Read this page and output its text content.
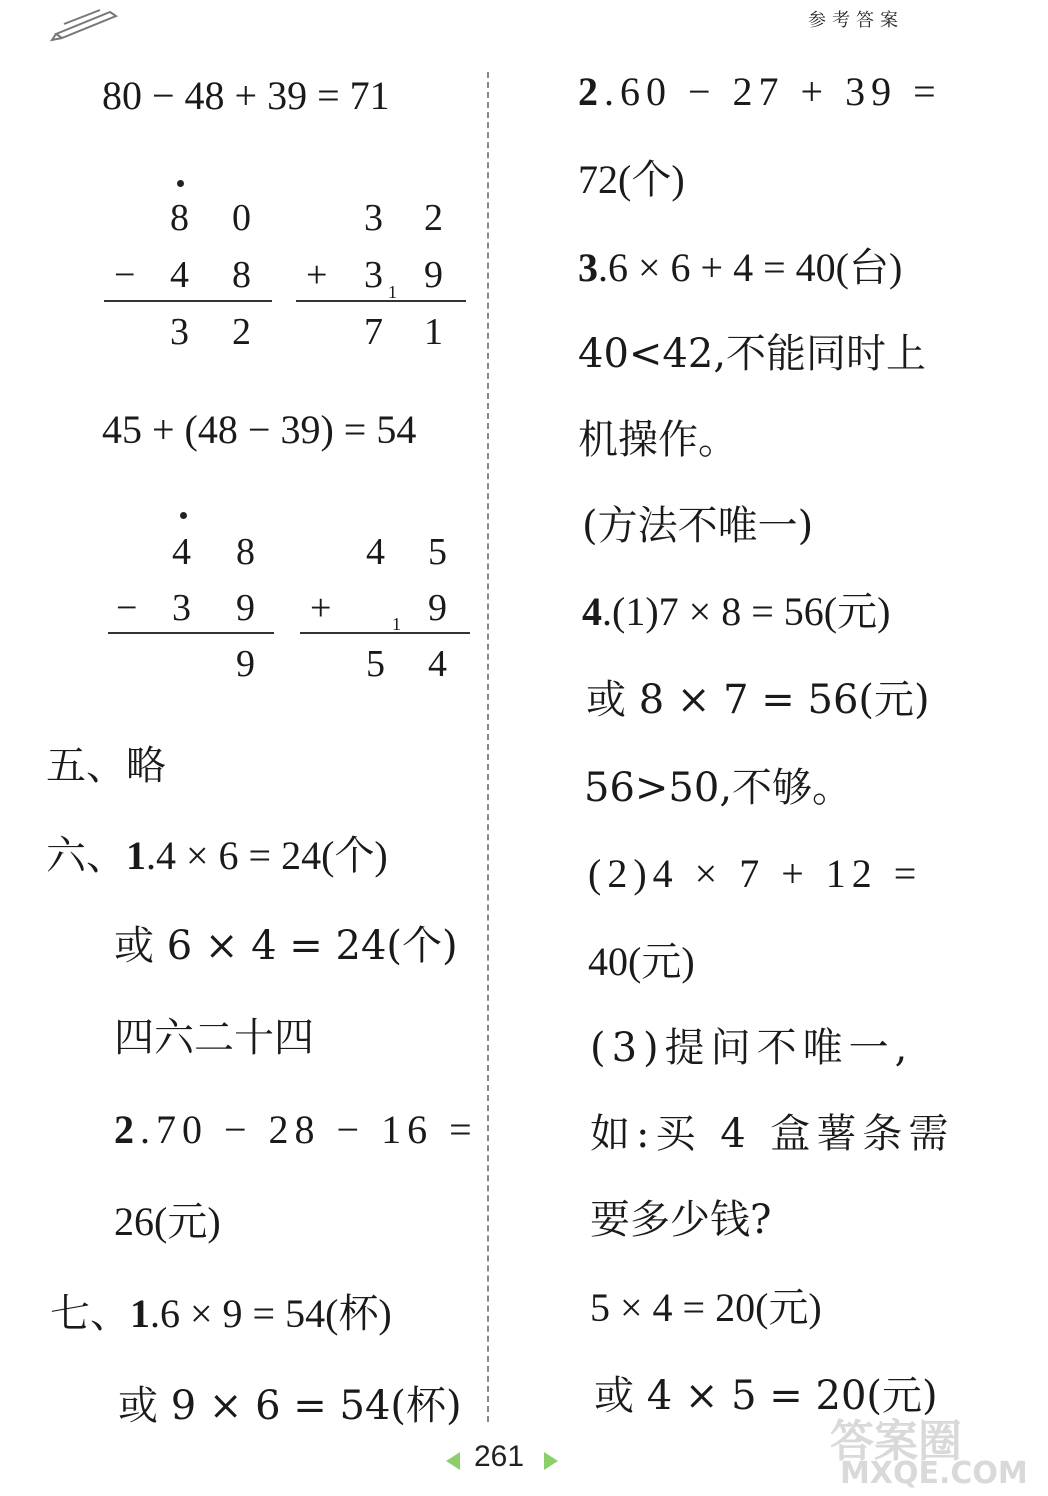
参考答案
80 − 48 + 39 = 71
8 0
− 4 8
3 2
3 2
+ 3 9
1
7 1
45 + (48 − 39) = 54
4 8
− 3 9
9
4 5
+	9
1
5 4
五、略
六、1.4 × 6 = 24(个)
或 6 × 4 = 24(个)
四六二十四
2.70 − 28 − 16 =
26(元)
七、1.6 × 9 = 54(杯)
或 9 × 6 = 54(杯)
2.60 − 27 + 39 =
72(个)
3.6 × 6 + 4 = 40(台)
40<42,不能同时上
机操作。
(方法不唯一)
4.(1)7 × 8 = 56(元)
或 8 × 7 = 56(元)
56>50,不够。
(2)4 × 7 + 12 =
40(元)
(3)提问不唯一,
如:买 4 盒薯条需
要多少钱?
5 × 4 = 20(元)
或 4 × 5 = 20(元)
261	答案圈
MXQE.COM
